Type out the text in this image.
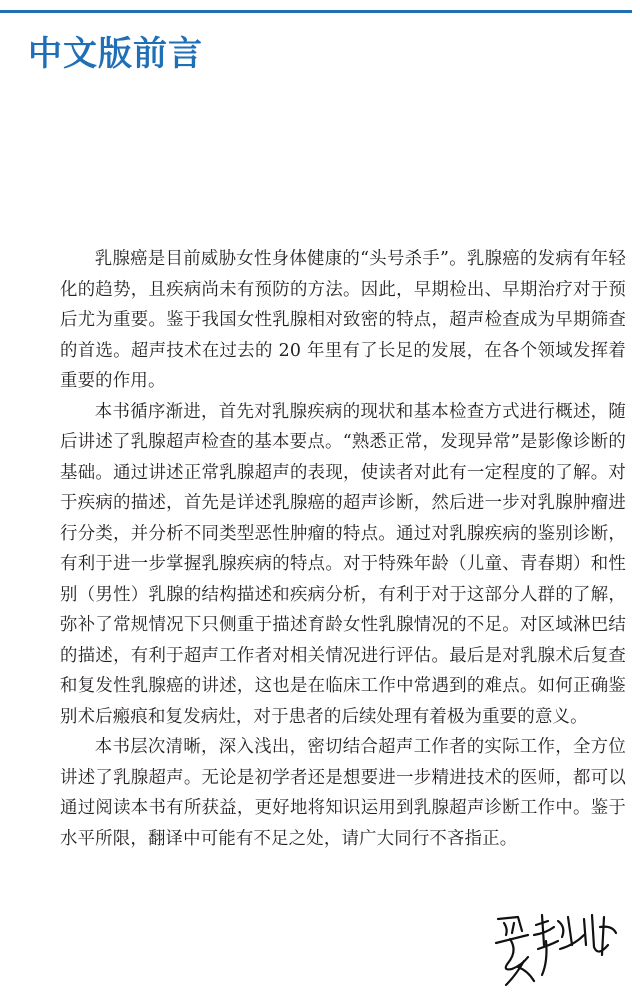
中文版前言

乳腺癌是目前威胁女性身体健康的“头号杀手”。乳腺癌的发病有年轻化的趋势，且疾病尚未有预防的方法。因此，早期检出、早期治疗对于预后尤为重要。鉴于我国女性乳腺相对致密的特点，超声检查成为早期筛查的首选。超声技术在过去的 20 年里有了长足的发展，在各个领域发挥着重要的作用。

本书循序渐进，首先对乳腺疾病的现状和基本检查方式进行概述，随后讲述了乳腺超声检查的基本要点。“熟悉正常，发现异常”是影像诊断的基础。通过讲述正常乳腺超声的表现，使读者对此有一定程度的了解。对于疾病的描述，首先是详述乳腺癌的超声诊断，然后进一步对乳腺肿瘤进行分类，并分析不同类型恶性肿瘤的特点。通过对乳腺疾病的鉴别诊断，有利于进一步掌握乳腺疾病的特点。对于特殊年龄（儿童、青春期）和性别（男性）乳腺的结构描述和疾病分析，有利于对于这部分人群的了解，弥补了常规情况下只侧重于描述育龄女性乳腺情况的不足。对区域淋巴结的描述，有利于超声工作者对相关情况进行评估。最后是对乳腺术后复查和复发性乳腺癌的讲述，这也是在临床工作中常遇到的难点。如何正确鉴别术后瘢痕和复发病灶，对于患者的后续处理有着极为重要的意义。

本书层次清晰，深入浅出，密切结合超声工作者的实际工作，全方位讲述了乳腺超声。无论是初学者还是想要进一步精进技术的医师，都可以通过阅读本书有所获益，更好地将知识运用到乳腺超声诊断工作中。鉴于水平所限，翻译中可能有不足之处，请广大同行不吝指正。
